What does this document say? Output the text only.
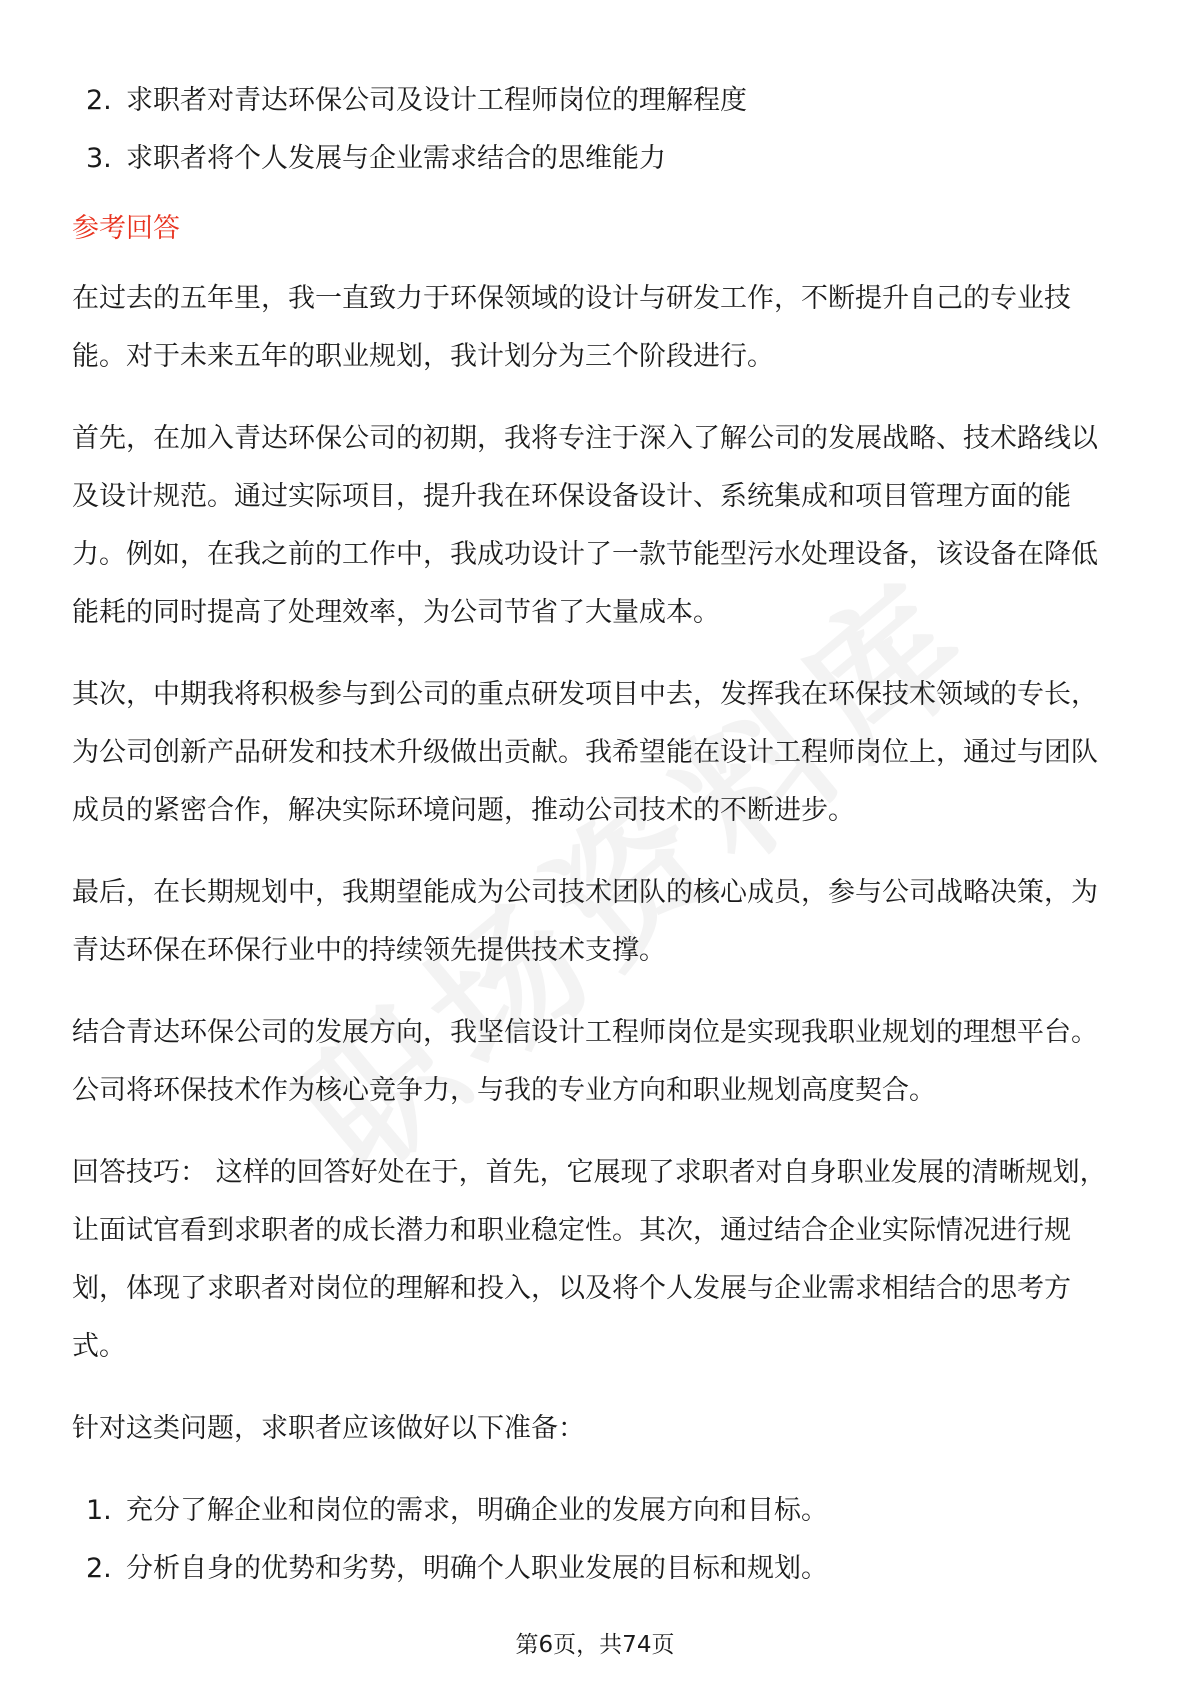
2. 求职者对青达环保公司及设计工程师岗位的理解程度
3. 求职者将个人发展与企业需求结合的思维能力
参考回答

在过去的五年里，我一直致力于环保领域的设计与研发工作，不断提升自己的专业技能。对于未来五年的职业规划，我计划分为三个阶段进行。

首先，在加入青达环保公司的初期，我将专注于深入了解公司的发展战略、技术路线以及设计规范。通过实际项目，提升我在环保设备设计、系统集成和项目管理方面的能力。例如，在我之前的工作中，我成功设计了一款节能型污水处理设备，该设备在降低能耗的同时提高了处理效率，为公司节省了大量成本。

其次，中期我将积极参与到公司的重点研发项目中去，发挥我在环保技术领域的专长，为公司创新产品研发和技术升级做出贡献。我希望能在设计工程师岗位上，通过与团队成员的紧密合作，解决实际环境问题，推动公司技术的不断进步。

最后，在长期规划中，我期望能成为公司技术团队的核心成员，参与公司战略决策，为青达环保在环保行业中的持续领先提供技术支撑。

结合青达环保公司的发展方向，我坚信设计工程师岗位是实现我职业规划的理想平台。公司将环保技术作为核心竞争力，与我的专业方向和职业规划高度契合。

回答技巧： 这样的回答好处在于，首先，它展现了求职者对自身职业发展的清晰规划，让面试官看到求职者的成长潜力和职业稳定性。其次，通过结合企业实际情况进行规划，体现了求职者对岗位的理解和投入，以及将个人发展与企业需求相结合的思考方式。

针对这类问题，求职者应该做好以下准备：

1. 充分了解企业和岗位的需求，明确企业的发展方向和目标。
2. 分析自身的优势和劣势，明确个人职业发展的目标和规划。
第6页，共74页
